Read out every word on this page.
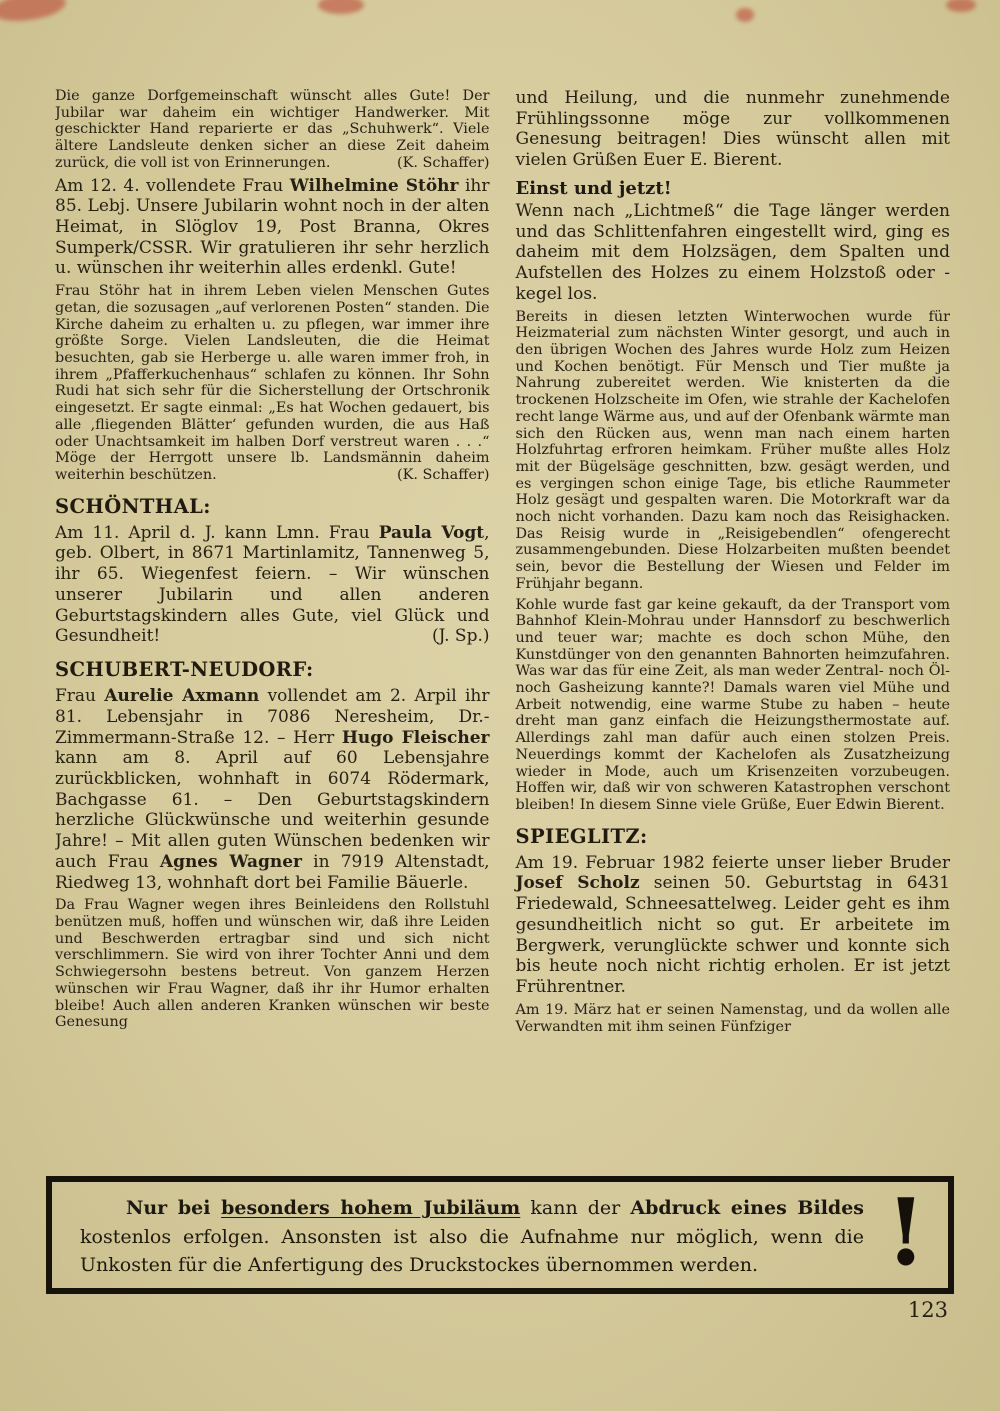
Die ganze Dorfgemeinschaft wünscht alles Gute! Der Jubilar war daheim ein wichtiger Handwerker. Mit geschickter Hand reparierte er das „Schuhwerk“. Viele ältere Landsleute denken sicher an diese Zeit daheim zurück, die voll ist von Erinnerungen.	(K. Schaffer)

Am 12. 4. vollendete Frau Wilhelmine Stöhr ihr 85. Lebj. Unsere Jubilarin wohnt noch in der alten Heimat, in Slöglov 19, Post Branna, Okres Sumperk/CSSR. Wir gratulieren ihr sehr herzlich u. wünschen ihr weiterhin alles erdenkl. Gute!

Frau Stöhr hat in ihrem Leben vielen Menschen Gutes getan, die sozusagen „auf verlorenen Posten“ standen. Die Kirche daheim zu erhalten u. zu pflegen, war immer ihre größte Sorge. Vielen Landsleuten, die die Heimat besuchten, gab sie Herberge u. alle waren immer froh, in ihrem „Pfafferkuchenhaus“ schlafen zu können. Ihr Sohn Rudi hat sich sehr für die Sicherstellung der Ortschronik eingesetzt. Er sagte einmal: „Es hat Wochen gedauert, bis alle ‚fliegenden Blätter‘ gefunden wurden, die aus Haß oder Unachtsamkeit im halben Dorf verstreut waren . . .“ Möge der Herrgott unsere lb. Landsmännin daheim weiterhin beschützen.	(K. Schaffer)

SCHÖNTHAL:

Am 11. April d. J. kann Lmn. Frau Paula Vogt, geb. Olbert, in 8671 Martinlamitz, Tannenweg 5, ihr 65. Wiegenfest feiern. – Wir wünschen unserer Jubilarin und allen anderen Geburtstagskindern alles Gute, viel Glück und Gesundheit!	(J. Sp.)

SCHUBERT-NEUDORF:

Frau Aurelie Axmann vollendet am 2. Arpil ihr 81. Lebensjahr in 7086 Neresheim, Dr.-Zimmermann-Straße 12. – Herr Hugo Fleischer kann am 8. April auf 60 Lebensjahre zurückblicken, wohnhaft in 6074 Rödermark, Bachgasse 61. – Den Geburtstagskindern herzliche Glückwünsche und weiterhin gesunde Jahre! – Mit allen guten Wünschen bedenken wir auch Frau Agnes Wagner in 7919 Altenstadt, Riedweg 13, wohnhaft dort bei Familie Bäuerle.

Da Frau Wagner wegen ihres Beinleidens den Rollstuhl benützen muß, hoffen und wünschen wir, daß ihre Leiden und Beschwerden ertragbar sind und sich nicht verschlimmern. Sie wird von ihrer Tochter Anni und dem Schwiegersohn bestens betreut. Von ganzem Herzen wünschen wir Frau Wagner, daß ihr ihr Humor erhalten bleibe! Auch allen anderen Kranken wünschen wir beste Genesung

und Heilung, und die nunmehr zunehmende Frühlingssonne möge zur vollkommenen Genesung beitragen! Dies wünscht allen mit vielen Grüßen Euer E. Bierent.

Einst und jetzt!

Wenn nach „Lichtmeß“ die Tage länger werden und das Schlittenfahren eingestellt wird, ging es daheim mit dem Holzsägen, dem Spalten und Aufstellen des Holzes zu einem Holzstoß oder -kegel los.

Bereits in diesen letzten Winterwochen wurde für Heizmaterial zum nächsten Winter gesorgt, und auch in den übrigen Wochen des Jahres wurde Holz zum Heizen und Kochen benötigt. Für Mensch und Tier mußte ja Nahrung zubereitet werden. Wie knisterten da die trockenen Holzscheite im Ofen, wie strahle der Kachelofen recht lange Wärme aus, und auf der Ofenbank wärmte man sich den Rücken aus, wenn man nach einem harten Holzfuhrtag erfroren heimkam. Früher mußte alles Holz mit der Bügelsäge geschnitten, bzw. gesägt werden, und es vergingen schon einige Tage, bis etliche Raummeter Holz gesägt und gespalten waren. Die Motorkraft war da noch nicht vorhanden. Dazu kam noch das Reisighacken. Das Reisig wurde in „Reisigebendlen“ ofengerecht zusammengebunden. Diese Holzarbeiten mußten beendet sein, bevor die Bestellung der Wiesen und Felder im Frühjahr begann.

Kohle wurde fast gar keine gekauft, da der Transport vom Bahnhof Klein-Mohrau under Hannsdorf zu beschwerlich und teuer war; machte es doch schon Mühe, den Kunstdünger von den genannten Bahnorten heimzufahren. Was war das für eine Zeit, als man weder Zentral- noch Öl- noch Gasheizung kannte?! Damals waren viel Mühe und Arbeit notwendig, eine warme Stube zu haben – heute dreht man ganz einfach die Heizungsthermostate auf. Allerdings zahl man dafür auch einen stolzen Preis. Neuerdings kommt der Kachelofen als Zusatzheizung wieder in Mode, auch um Krisenzeiten vorzubeugen. Hoffen wir, daß wir von schweren Katastrophen verschont bleiben! In diesem Sinne viele Grüße, Euer Edwin Bierent.

SPIEGLITZ:

Am 19. Februar 1982 feierte unser lieber Bruder Josef Scholz seinen 50. Geburtstag in 6431 Friedewald, Schneesattelweg. Leider geht es ihm gesundheitlich nicht so gut. Er arbeitete im Bergwerk, verunglückte schwer und konnte sich bis heute noch nicht richtig erholen. Er ist jetzt Frührentner.

Am 19. März hat er seinen Namenstag, und da wollen alle Verwandten mit ihm seinen Fünfziger

Nur bei besonders hohem Jubiläum kann der Abdruck eines Bildes kostenlos erfolgen. Ansonsten ist also die Aufnahme nur möglich, wenn die Unkosten für die Anfertigung des Druckstockes übernommen werden.	!
123
